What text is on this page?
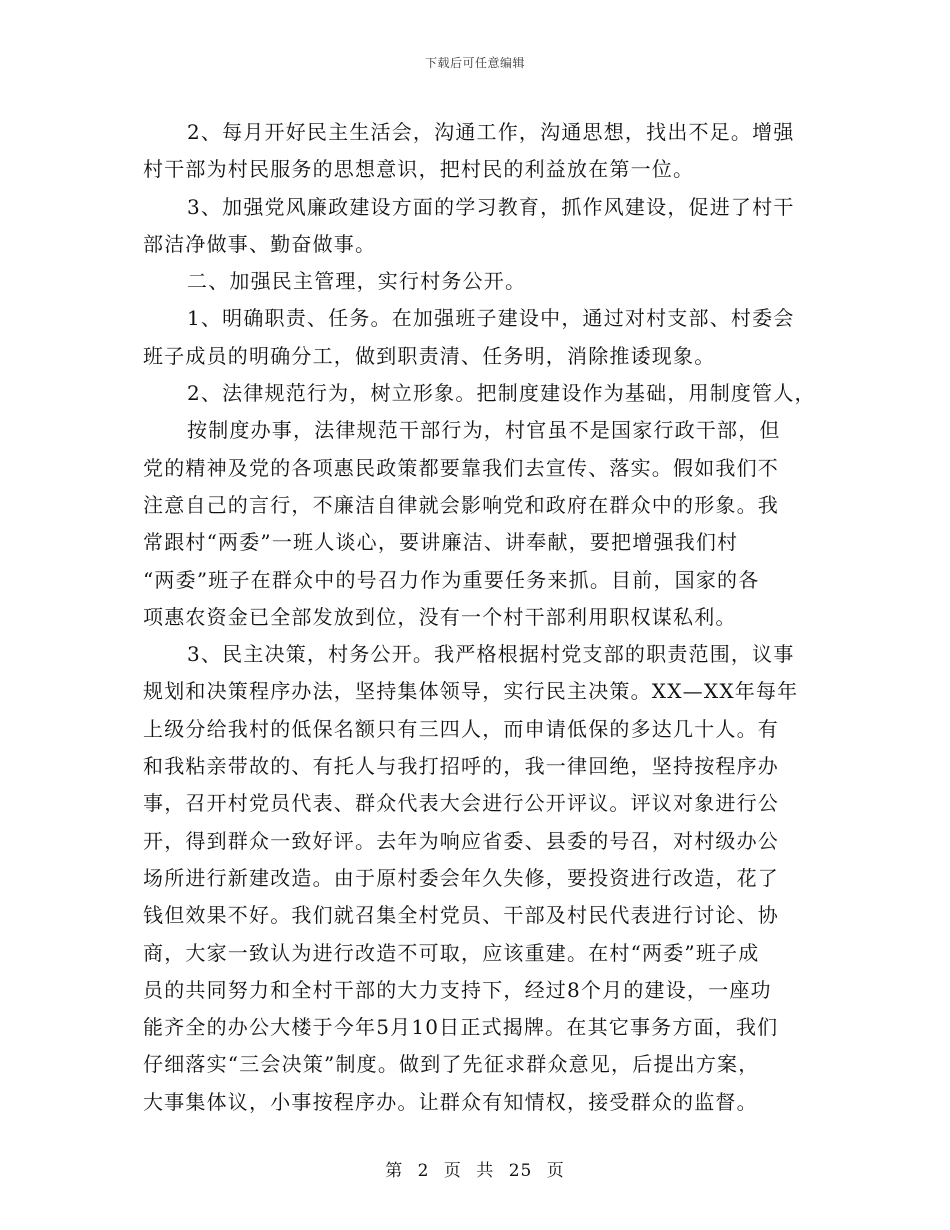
下载后可任意编辑
2、每月开好民主生活会，沟通工作，沟通思想，找出不足。增强
村干部为村民服务的思想意识，把村民的利益放在第一位。
3、加强党风廉政建设方面的学习教育，抓作风建设，促进了村干
部洁净做事、勤奋做事。
二、加强民主管理，实行村务公开。
1、明确职责、任务。在加强班子建设中，通过对村支部、村委会
班子成员的明确分工，做到职责清、任务明，消除推诿现象。
2、法律规范行为，树立形象。把制度建设作为基础，用制度管人，
按制度办事，法律规范干部行为，村官虽不是国家行政干部，但
党的精神及党的各项惠民政策都要靠我们去宣传、落实。假如我们不
注意自己的言行，不廉洁自律就会影响党和政府在群众中的形象。我
常跟村“两委”一班人谈心，要讲廉洁、讲奉献，要把增强我们村
“两委”班子在群众中的号召力作为重要任务来抓。目前，国家的各
项惠农资金已全部发放到位，没有一个村干部利用职权谋私利。
3、民主决策，村务公开。我严格根据村党支部的职责范围，议事
规划和决策程序办法，坚持集体领导，实行民主决策。XX—XX年每年
上级分给我村的低保名额只有三四人，而申请低保的多达几十人。有
和我粘亲带故的、有托人与我打招呼的，我一律回绝，坚持按程序办
事，召开村党员代表、群众代表大会进行公开评议。评议对象进行公
开，得到群众一致好评。去年为响应省委、县委的号召，对村级办公
场所进行新建改造。由于原村委会年久失修，要投资进行改造，花了
钱但效果不好。我们就召集全村党员、干部及村民代表进行讨论、协
商，大家一致认为进行改造不可取，应该重建。在村“两委”班子成
员的共同努力和全村干部的大力支持下，经过8个月的建设，一座功
能齐全的办公大楼于今年5月10日正式揭牌。在其它事务方面，我们
仔细落实“三会决策”制度。做到了先征求群众意见，后提出方案，
大事集体议，小事按程序办。让群众有知情权，接受群众的监督。
第 2 页 共 25 页
